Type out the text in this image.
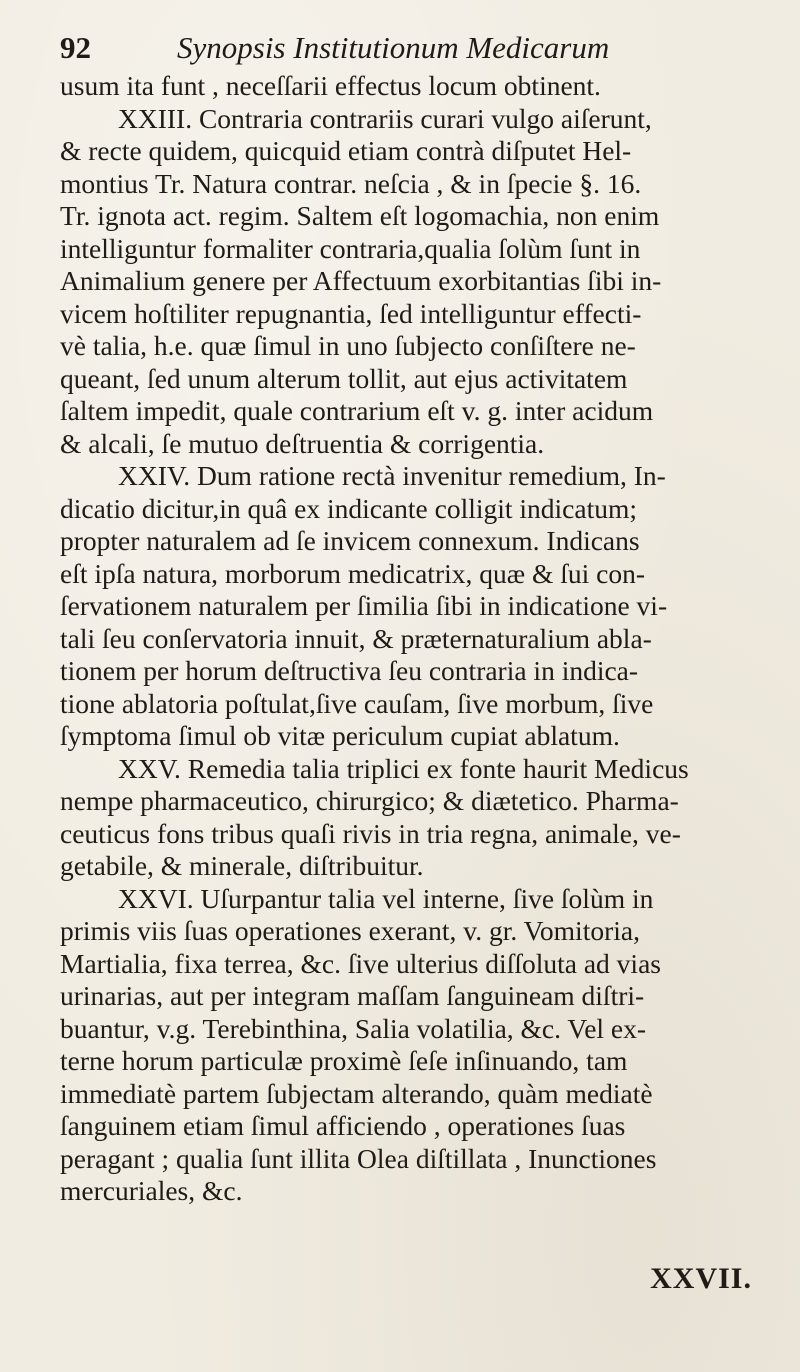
92	Synopsis Institutionum Medicarum
usum ita funt , neceſſarii effectus locum obtinent.
XXIII. Contraria contrariis curari vulgo aiſerunt,
& recte quidem, quicquid etiam contrà diſputet Hel-
montius Tr. Natura contrar. neſcia , & in ſpecie §. 16.
Tr. ignota act. regim. Saltem eſt logomachia, non enim
intelliguntur formaliter contraria,qualia ſolùm ſunt in
Animalium genere per Affectuum exorbitantias ſibi in-
vicem hoſtiliter repugnantia, ſed intelliguntur effecti-
vè talia, h.e. quæ ſimul in uno ſubjecto conſiſtere ne-
queant, ſed unum alterum tollit, aut ejus activitatem
ſaltem impedit, quale contrarium eſt v. g. inter acidum
& alcali, ſe mutuo deſtruentia & corrigentia.
XXIV. Dum ratione rectà invenitur remedium, In-
dicatio dicitur,in quâ ex indicante colligit indicatum;
propter naturalem ad ſe invicem connexum. Indicans
eſt ipſa natura, morborum medicatrix, quæ & ſui con-
ſervationem naturalem per ſimilia ſibi in indicatione vi-
tali ſeu conſervatoria innuit, & præternaturalium abla-
tionem per horum deſtructiva ſeu contraria in indica-
tione ablatoria poſtulat,ſive cauſam, ſive morbum, ſive
ſymptoma ſimul ob vitæ periculum cupiat ablatum.
XXV. Remedia talia triplici ex fonte haurit Medicus
nempe pharmaceutico, chirurgico; & diætetico. Pharma-
ceuticus fons tribus quaſi rivis in tria regna, animale, ve-
getabile, & minerale, diſtribuitur.
XXVI. Uſurpantur talia vel interne, ſive ſolùm in
primis viis ſuas operationes exerant, v. gr. Vomitoria,
Martialia, fixa terrea, &c. ſive ulterius diſſoluta ad vias
urinarias, aut per integram maſſam ſanguineam diſtri-
buantur, v.g. Terebinthina, Salia volatilia, &c. Vel ex-
terne horum particulæ proximè ſeſe inſinuando, tam
immediatè partem ſubjectam alterando, quàm mediatè
ſanguinem etiam ſimul afficiendo , operationes ſuas
peragant ; qualia ſunt illita Olea diſtillata , Inunctiones
mercuriales, &c.
XXVII.
